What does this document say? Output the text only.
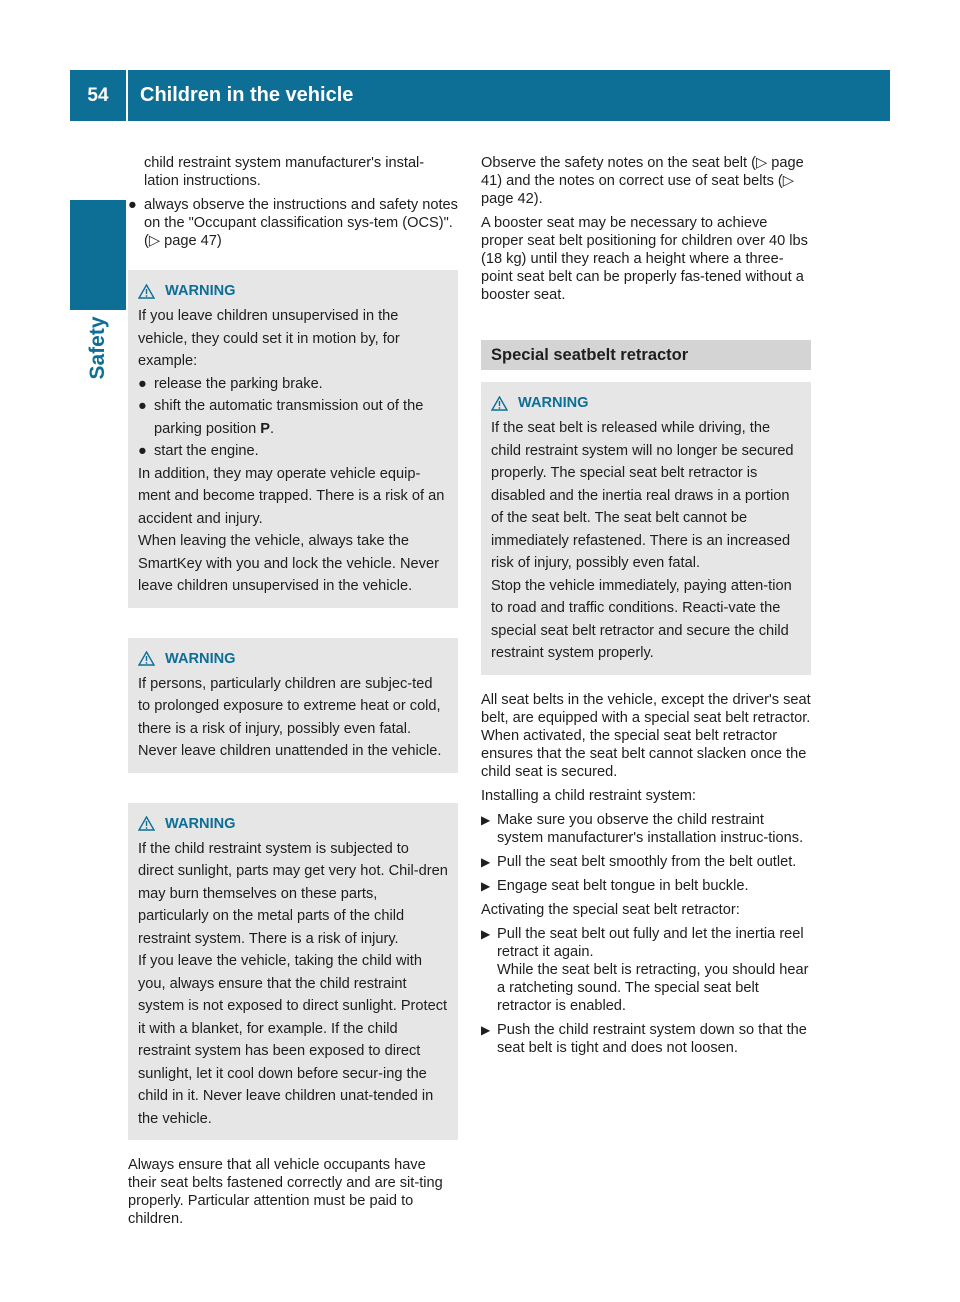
54	Children in the vehicle
Safety

child restraint system manufacturer's instal-lation instructions.

● always observe the instructions and safety notes on the "Occupant classification sys-tem (OCS)". (▷ page 47)

WARNING

If you leave children unsupervised in the vehicle, they could set it in motion by, for example:

● release the parking brake.

● shift the automatic transmission out of the parking position P.

● start the engine.

In addition, they may operate vehicle equip-ment and become trapped. There is a risk of an accident and injury.

When leaving the vehicle, always take the SmartKey with you and lock the vehicle. Never leave children unsupervised in the vehicle.

WARNING

If persons, particularly children are subjec-ted to prolonged exposure to extreme heat or cold, there is a risk of injury, possibly even fatal. Never leave children unattended in the vehicle.

WARNING

If the child restraint system is subjected to direct sunlight, parts may get very hot. Chil-dren may burn themselves on these parts, particularly on the metal parts of the child restraint system. There is a risk of injury.

If you leave the vehicle, taking the child with you, always ensure that the child restraint system is not exposed to direct sunlight. Protect it with a blanket, for example. If the child restraint system has been exposed to direct sunlight, let it cool down before secur-ing the child in it. Never leave children unat-tended in the vehicle.

Always ensure that all vehicle occupants have their seat belts fastened correctly and are sit-ting properly. Particular attention must be paid to children.

Observe the safety notes on the seat belt (▷ page 41) and the notes on correct use of seat belts (▷ page 42).

A booster seat may be necessary to achieve proper seat belt positioning for children over 40 lbs (18 kg) until they reach a height where a three-point seat belt can be properly fas-tened without a booster seat.

Special seatbelt retractor
WARNING

If the seat belt is released while driving, the child restraint system will no longer be secured properly. The special seat belt retractor is disabled and the inertia real draws in a portion of the seat belt. The seat belt cannot be immediately refastened. There is an increased risk of injury, possibly even fatal.

Stop the vehicle immediately, paying atten-tion to road and traffic conditions. Reacti-vate the special seat belt retractor and secure the child restraint system properly.

All seat belts in the vehicle, except the driver's seat belt, are equipped with a special seat belt retractor. When activated, the special seat belt retractor ensures that the seat belt cannot slacken once the child seat is secured.

Installing a child restraint system:

▶ Make sure you observe the child restraint system manufacturer's installation instruc-tions.

▶ Pull the seat belt smoothly from the belt outlet.

▶ Engage seat belt tongue in belt buckle.

Activating the special seat belt retractor:

▶ Pull the seat belt out fully and let the inertia reel retract it again.
While the seat belt is retracting, you should hear a ratcheting sound. The special seat belt retractor is enabled.

▶ Push the child restraint system down so that the seat belt is tight and does not loosen.
